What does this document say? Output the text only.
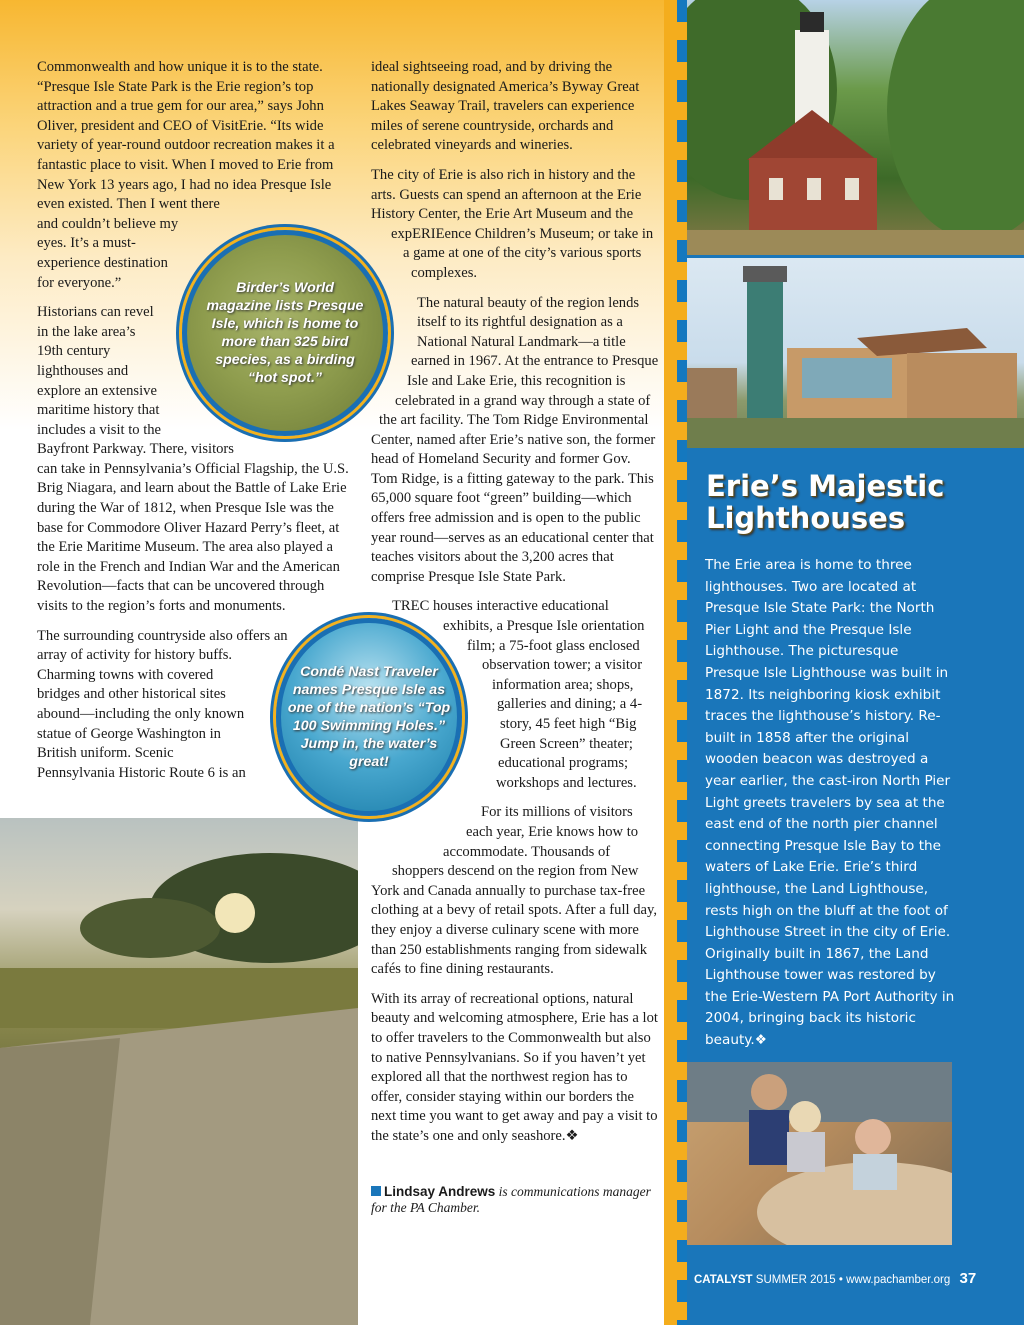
Commonwealth and how unique it is to the state.
“Presque Isle State Park is the Erie region’s top
attraction and a true gem for our area,” says John
Oliver, president and CEO of VisitErie. “Its wide
variety of year-round outdoor recreation makes it a
fantastic place to visit. When I moved to Erie from
New York 13 years ago, I had no idea Presque Isle
even existed. Then I went there
and couldn’t believe my
eyes. It’s a must-
experience destination
for everyone.”

Historians can revel
in the lake area’s
19th century
lighthouses and
explore an extensive
maritime history that
includes a visit to the
Bayfront Parkway. There, visitors
can take in Pennsylvania’s Official Flagship, the U.S.
Brig Niagara, and learn about the Battle of Lake Erie
during the War of 1812, when Presque Isle was the
base for Commodore Oliver Hazard Perry’s fleet, at
the Erie Maritime Museum. The area also played a
role in the French and Indian War and the American
Revolution—facts that can be uncovered through
visits to the region’s forts and monuments.

The surrounding countryside also offers an
array of activity for history buffs.
Charming towns with covered
bridges and other historical sites
abound—including the only known
statue of George Washington in
British uniform. Scenic
Pennsylvania Historic Route 6 is an

ideal sightseeing road, and by driving the
nationally designated America’s Byway Great
Lakes Seaway Trail, travelers can experience
miles of serene countryside, orchards and
celebrated vineyards and wineries.

The city of Erie is also rich in history and the
arts. Guests can spend an afternoon at the Erie
History Center, the Erie Art Museum and the
expERIEence Children’s Museum; or take in
a game at one of the city’s various sports
complexes.

The natural beauty of the region lends
itself to its rightful designation as a
National Natural Landmark—a title
earned in 1967. At the entrance to Presque
Isle and Lake Erie, this recognition is
celebrated in a grand way through a state of
the art facility. The Tom Ridge Environmental
Center, named after Erie’s native son, the former
head of Homeland Security and former Gov.
Tom Ridge, is a fitting gateway to the park. This
65,000 square foot “green” building—which
offers free admission and is open to the public
year round—serves as an educational center that
teaches visitors about the 3,200 acres that
comprise Presque Isle State Park.

TREC houses interactive educational
exhibits, a Presque Isle orientation
film; a 75-foot glass enclosed
observation tower; a visitor
information area; shops,
galleries and dining; a 4-
story, 45 feet high “Big
Green Screen” theater;
educational programs;
workshops and lectures.

For its millions of visitors
each year, Erie knows how to
accommodate. Thousands of
shoppers descend on the region from New
York and Canada annually to purchase tax-free
clothing at a bevy of retail spots. After a full day,
they enjoy a diverse culinary scene with more
than 250 establishments ranging from sidewalk
cafés to fine dining restaurants.

With its array of recreational options, natural
beauty and welcoming atmosphere, Erie has a lot
to offer travelers to the Commonwealth but also
to native Pennsylvanians. So if you haven’t yet
explored all that the northwest region has to
offer, consider staying within our borders the
next time you want to get away and pay a visit to
the state’s one and only seashore.❖

Birder’s World
magazine lists Presque
Isle, which is home to
more than 325 bird
species, as a birding
“hot spot.”
Condé Nast Traveler
names Presque Isle as
one of the nation’s “Top
100 Swimming Holes.”
Jump in, the water’s
great!
Erie’s Majestic
Lighthouses
The Erie area is home to three lighthouses. Two are located at Presque Isle State Park: the North Pier Light and the Presque Isle Lighthouse. The picturesque Presque Isle Lighthouse was built in 1872. Its neighboring kiosk exhibit traces the lighthouse’s history. Re-built in 1858 after the original wooden beacon was destroyed a year earlier, the cast-iron North Pier Light greets travelers by sea at the east end of the north pier channel connecting Presque Isle Bay to the waters of Lake Erie. Erie’s third lighthouse, the Land Lighthouse, rests high on the bluff at the foot of Lighthouse Street in the city of Erie. Originally built in 1867, the Land Lighthouse tower was restored by the Erie-Western PA Port Authority in 2004, bringing back its historic beauty.❖
Lindsay Andrews is communications manager
for the PA Chamber.
CATALYST SUMMER 2015 • www.pachamber.org 37
